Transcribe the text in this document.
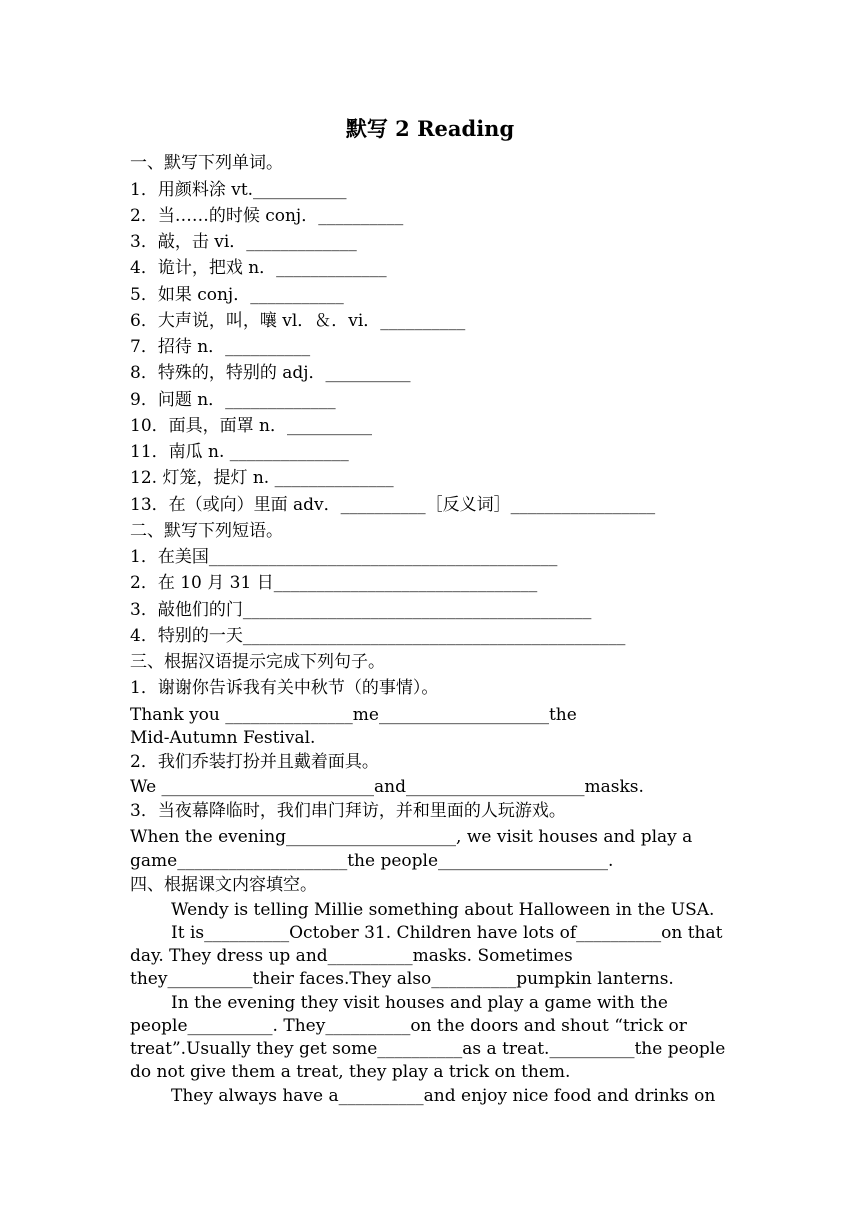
默写 2 Reading
一、默写下列单词。
1．用颜料涂 vt.___________
2．当……的时候 conj．__________
3．敲，击 vi．_____________
4．诡计，把戏 n．_____________
5．如果 conj．___________
6．大声说，叫，嚷 vl．＆．vi．__________
7．招待 n．__________
8．特殊的，特别的 adj．__________
9．问题 n．_____________
10．面具，面罩 n．__________
11．南瓜 n. ______________
12. 灯笼，提灯 n. ______________
13．在（或向）里面 adv．__________［反义词］_________________
二、默写下列短语。
1．在美国_________________________________________
2．在 10 月 31 日_______________________________
3．敲他们的门_________________________________________
4．特别的一天_____________________________________________
三、根据汉语提示完成下列句子。
1．谢谢你告诉我有关中秋节（的事情）。
Thank you _______________me____________________the
Mid-Autumn Festival.
2．我们乔装打扮并且戴着面具。
We _________________________and_____________________masks.
3．当夜幕降临时，我们串门拜访，并和里面的人玩游戏。
When the evening____________________, we visit houses and play a
game____________________the people____________________.
四、根据课文内容填空。
Wendy is telling Millie something about Halloween in the USA.
It is__________October 31. Children have lots of__________on that
day. They dress up and__________masks. Sometimes
they__________their faces.They also__________pumpkin lanterns.
In the evening they visit houses and play a game with the
people__________. They__________on the doors and shout “trick or
treat”.Usually they get some__________as a treat.__________the people
do not give them a treat, they play a trick on them.
They always have a__________and enjoy nice food and drinks on
